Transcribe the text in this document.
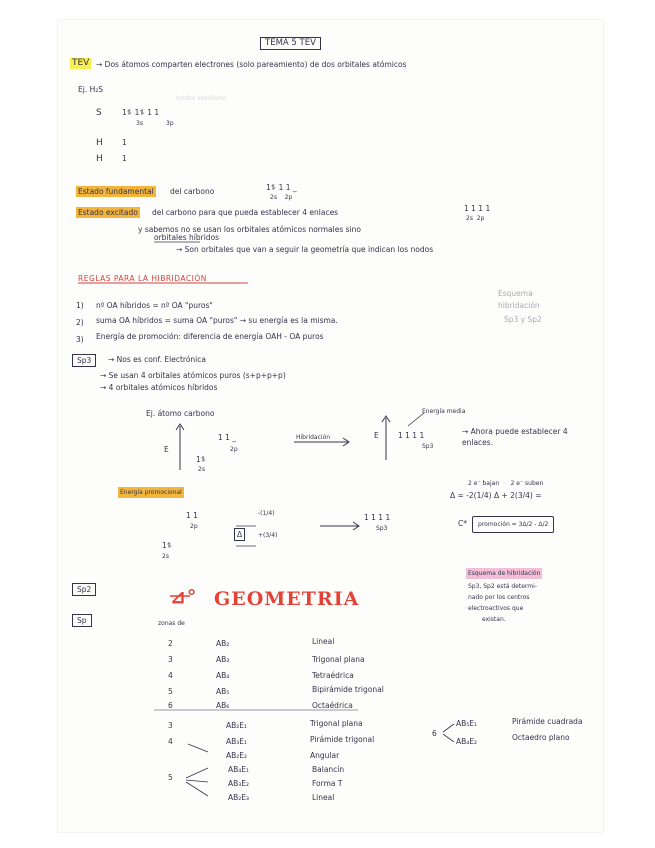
TEMA 5 TEV
TEV → Dos átomos comparten electrones (solo pareamiento) de dos orbitales atómicos
Ej. H₂S
orbital semilleno
S	1⥮ 1⥮ 1 1
3s	3p
H	1
H	1
Estado fundamental del carbono	1⥮ 1 1 _
2s    2p
Estado excitado del carbono para que pueda establecer 4 enlaces	1 1 1 1
2s  2p
y sabemos no se usan los orbitales atómicos normales sino
orbitales híbridos
→ Son orbitales que van a seguir la geometría que indican los nodos
REGLAS PARA LA HIBRIDACIÓN
1) nº OA híbridos = nº OA "puros"
2) suma OA híbridos = suma OA "puros" → su energía es la misma.
3) Energía de promoción: diferencia de energía OAH - OA puros
Esquema
hibridación
Sp3 y Sp2
Sp3	→ Nos es conf. Electrónica
→ Se usan 4 orbitales atómicos puros (s+p+p+p)
→ 4 orbitales atómicos híbridos
Ej. átomo carbono
E
1 1 _
2p
1⥮
2s
Hibridación	E	1 1 1 1
Sp3
Energía media
→ Ahora puede establecer 4 enlaces.
Energía promocional
1 1
2p
1⥮
2s
-(1/4)
Δ	+(3/4)
1 1 1 1
Sp3
2 e⁻ bajan      2 e⁻ suben
Δ = -2(1/4) Δ + 2(3/4) =
C*	promoción = 3Δ/2 - Δ/2
Sp2
Sp
⊿° GEOMETRIA
zonas de
Esquema de hibridación
Sp3, Sp2 está determi-
nado por los centros
electroactivos que
existan.
2	AB₂	Lineal
3	AB₃	Trigonal plana
4	AB₄	Tetraédrica
5	AB₅	Bipirámide trigonal
6	AB₆	Octaédrica
3	AB₂E₁	Trigonal plana
4	AB₃E₁	Pirámide trigonal
AB₂E₂	Angular
5
AB₄E₁	Balancín
AB₃E₂	Forma T
AB₂E₃	Lineal
6
AB₅E₁	Pirámide cuadrada
AB₄E₂	Octaedro plano
